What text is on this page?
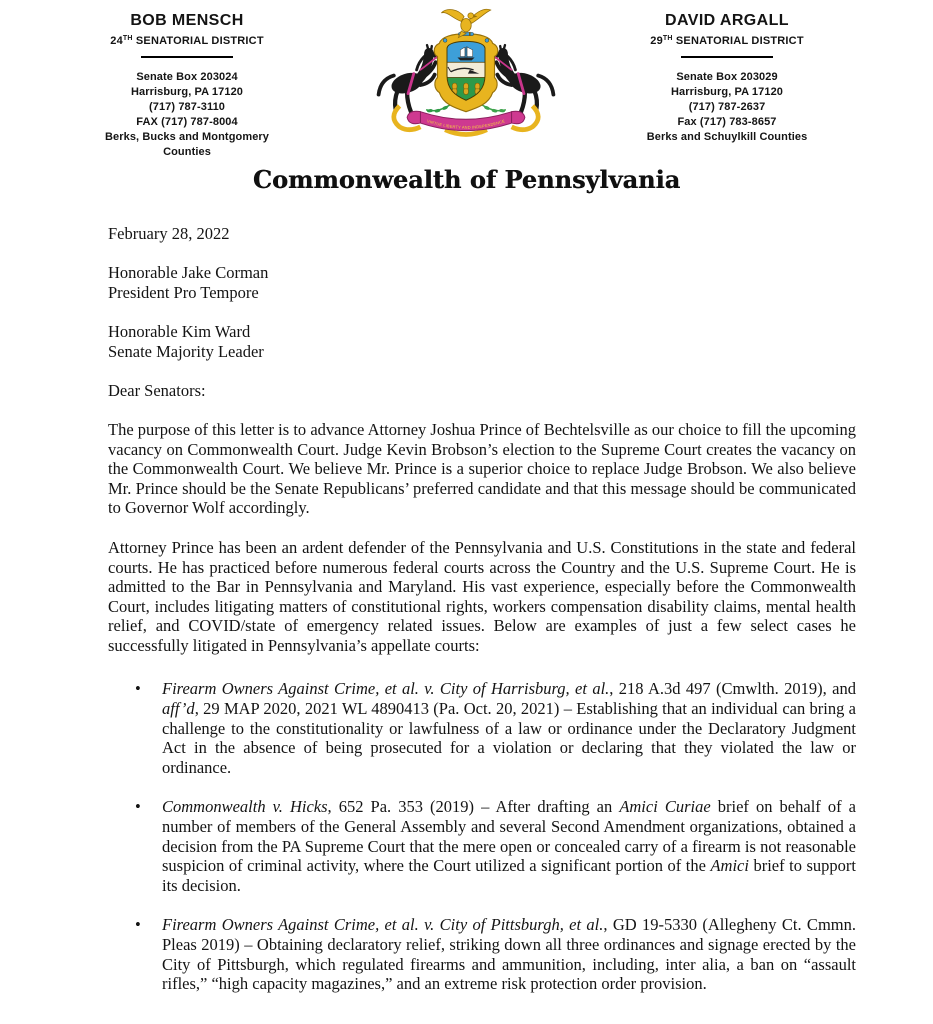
BOB MENSCH
24TH SENATORIAL DISTRICT
Senate Box 203024
Harrisburg, PA 17120
(717) 787-3110
FAX (717) 787-8004
Berks, Bucks and Montgomery
Counties
VIRTUE LIBERTY AND INDEPENDENCE
DAVID ARGALL
29TH SENATORIAL DISTRICT
Senate Box 203029
Harrisburg, PA 17120
(717) 787-2637
Fax (717) 783-8657
Berks and Schuylkill Counties
Commonwealth of Pennsylvania

February 28, 2022

Honorable Jake Corman
President Pro Tempore
Honorable Kim Ward
Senate Majority Leader

Dear Senators:

The purpose of this letter is to advance Attorney Joshua Prince of Bechtelsville as our choice to fill the upcoming vacancy on Commonwealth Court. Judge Kevin Brobson’s election to the Supreme Court creates the vacancy on the Commonwealth Court. We believe Mr. Prince is a superior choice to replace Judge Brobson. We also believe Mr. Prince should be the Senate Republicans’ preferred candidate and that this message should be communicated to Governor Wolf accordingly.

Attorney Prince has been an ardent defender of the Pennsylvania and U.S. Constitutions in the state and federal courts. He has practiced before numerous federal courts across the Country and the U.S. Supreme Court. He is admitted to the Bar in Pennsylvania and Maryland. His vast experience, especially before the Commonwealth Court, includes litigating matters of constitutional rights, workers compensation disability claims, mental health relief, and COVID/state of emergency related issues. Below are examples of just a few select cases he successfully litigated in Pennsylvania’s appellate courts:

• Firearm Owners Against Crime, et al. v. City of Harrisburg, et al., 218 A.3d 497 (Cmwlth. 2019), and aff’d, 29 MAP 2020, 2021 WL 4890413 (Pa. Oct. 20, 2021) – Establishing that an individual can bring a challenge to the constitutionality or lawfulness of a law or ordinance under the Declaratory Judgment Act in the absence of being prosecuted for a violation or declaring that they violated the law or ordinance.
• Commonwealth v. Hicks, 652 Pa. 353 (2019) – After drafting an Amici Curiae brief on behalf of a number of members of the General Assembly and several Second Amendment organizations, obtained a decision from the PA Supreme Court that the mere open or concealed carry of a firearm is not reasonable suspicion of criminal activity, where the Court utilized a significant portion of the Amici brief to support its decision.
• Firearm Owners Against Crime, et al. v. City of Pittsburgh, et al., GD 19-5330 (Allegheny Ct. Cmmn. Pleas 2019) – Obtaining declaratory relief, striking down all three ordinances and signage erected by the City of Pittsburgh, which regulated firearms and ammunition, including, inter alia, a ban on “assault rifles,” “high capacity magazines,” and an extreme risk protection order provision.
